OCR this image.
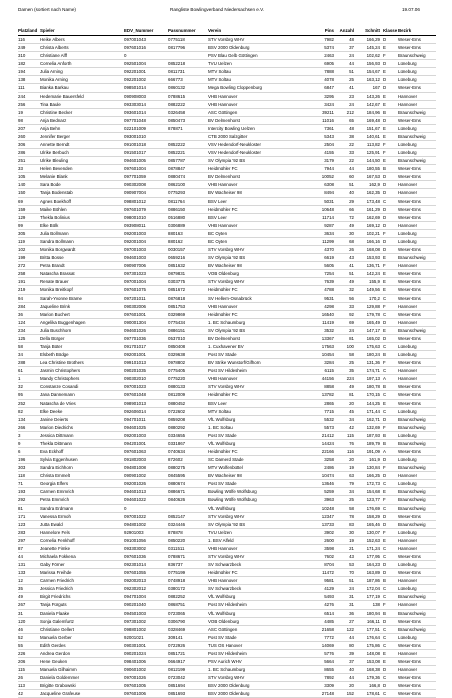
Damen (sortiert nach Name)	Rangliste Bowlingverband Niedersachsen e.V.	19.07.06
Platzland	Spieler	EDV_Nummer	Passnummer	Verein	Pins	Anzahl	Schnitt	Klasse	Bezirk
116	Heike Albers	097001043	0775118	STV Vorsbrg WHV	7982	48	166,29	D	Weser-Ems
249	Christa Alberts	097601016	0817796	BSV 2000 Oldenburg	5374	37	145,24	E	Weser-Ems
310	Christiane Alff	0		PSV Blau Gelb Göttingen	2463	24	102,62	F	Braunschweig
182	Cornelia Anforth	092501004	0852218	TVU Uelzen	6905	44	156,93	D	Lüneburg
194	Julia Arning	092201001	0811731	MTV Soltau	7888	51	154,67	E	Lüneburg
138	Monika Arning	092201002	666773	MTV Soltau	4078	25	163,12	D	Lüneburg
111	Bianka Barkau	098501014	0860132	Mega Bowling Cloppenburg	6847	41	167	D	Weser-Ems
244	Hedemarie Bauersfeld	090908003	0788615	VHB Hannover	3295	23	143,26	E	Hannover
256	Tina Baule	093303014	0882222	VHB Hannover	3424	24	142,67	E	Hannover
19	Christine Becker	093601014	0326458	ASC Göttingen	39211	212	184,96	B	Braunschweig
98	Anja Bednarz	097701048	0850473	BV Delmenhorst	11016	65	169,48	D	Weser-Ems
207	Anja Behn	022101009	878871	Intercity Bowling Uelzen	7361	48	151,67	E	Lüneburg
260	Jennifer Berger	093001010		CTB 2000 Salzgitter	5343	38	140,61	E	Braunschweig
306	Annette Berndt	091001018	0852222	VSV Hedendorf-Neukloster	2504	22	113,82	F	Lüneburg
286	Ulrike Berbuch	091501017	0852221	VSV Hedendorf-Neukloster	4155	33	125,91	F	Lüneburg
251	Ulrike Bleuling	094601005	0857787	SV Olympia '92 BS	3179	22	144,50	E	Braunschweig
33	Helen Bevenden	097601004	0878847	Heidmühler FC	7944	44	180,55	B	Weser-Ems
105	Melanie Blank	097701059	0880474	BV Delmenhorst	10052	60	167,53	D	Weser-Ems
140	Sara Bode	090302008	0862100	VHB Hannover	6308	51	162,9	D	Hannover
150	Tanja Bodenstab	090907004	0775293	BV Wacheiser 98	8494	40	162,35	D	Hannover
69	Agnes Boekhoff	098801012	0811764	BSV Leer	5031	29	173,48	C	Weser-Ems
159	Maike Böhlen	097601079	0886150	Heidmühler FC	10648	66	161,29	D	Weser-Ems
129	Thekla Bolinius	098001010	0516880	BSV Leer	11714	72	162,69	D	Weser-Ems
99	Elke Bölk	093908011	0306889	VHB Hannover	9287	49	169,12	D	Hannover
305	Julia Bollmann	092001003	880163	BC Oyten	3634	30	102,21	F	Lüneburg
119	Sandra Bollmann	092001004	880162	BC Oyten	11299	68	166,16	D	Lüneburg
102	Monika Borgwardt	097001003	0030157	STV Vorsbrg WHV	4370	26	168,08	D	Weser-Ems
199	Britta Bosse	094601003	0659216	SV Olympia '92 BS	6619	43	153,93	E	Braunschweig
272	Petra Brandt	090907006	0851632	BV Wacheiser 98	5605	41	136,71	F	Hannover
258	Natascha Brassat	097301023	0879831	VOB Oldenburg	7254	51	142,24	E	Weser-Ems
191	Renate Brauer	097001004	0303775	STV Vorsbrg WHV	7639	49	155,9	E	Weser-Ems
219	Monika Breitkopf	097601075	0851672	Heidmühler FC	4788	32	149,56	E	Weser-Ems
94	Sarah-Yvonne Brame	097201011	0876818	SV Hellern-Osnabrück	9531	56	170,2	C	Weser-Ems
284	Jaqueline Brink	090302006	0851753	VHB Hannover	4298	33	129,88	F	Hannover
36	Marion Buchert	097601001	0329869	Heidmühler FC	16540	92	179,78	C	Weser-Ems
124	Angelika Buggenhagen	090001304	0775434	1. BC Schaumburg	11419	69	165,49	D	Hannover
234	Julia Buschhorn	094601026	0886151	SV Olympia '92 BS	3532	24	147,17	E	Braunschweig
125	Della Bürger	097701036	0537010	BV Delmenhorst	13367	81	165,02	D	Weser-Ems
58	Tanja Büter	091701017	0850408	1. Cuxhavener BV	17563	100	175,63	C	Lüneburg
34	Elsbeth Bödge	092001001	0329638	Post SV Stade	10454	58	180,24	B	Lüneburg
288	Lea Christine Brothers	099101013	0978802	BV Strike Wunstorf/Gifhorn	3284	25	131,36	F	Weser-Ems
61	Jasmin Christophers	090201035	0775405	Post SV Hildesheim	6115	35	174,71	C	Hannover
1	Mandy Christophers	090302010	0775220	VHB Hannover	44156	224	197,13	A	Hannover
32	Constanze Cosandi	097001023	0880133	STV Vorsbrg WHV	8858	49	180,78	B	Weser-Ems
95	Jana Dannemann	097601048	0812009	Heidmühler FC	13782	81	170,15	C	Weser-Ems
252	Natascha de Vries	098901013	0880452	BSV Leer	2865	20	144,25	E	Weser-Ems
82	Elke Deeke	092606014	0722602	MTV Soltau	7715	45	171,44	C	Lüneburg
134	Janine Deierts	094701011	0859208	VfL Wolfsburg	5532	34	162,71	D	Braunschweig
266	Marion Diedrichs	094601025	0880292	1. BC Soltau	5573	42	132,69	F	Braunschweig
3	Jessica Dittmann	092001003	0334655	Post SV Stade	21412	115	187,93	B	Lüneburg
9	Thekla Dittmann	094201001	0331867	VfL Wolfsburg	14424	76	189,79	B	Braunschweig
6	Eva Eckhoff	097601063	0740634	Heidmühler FC	22166	116	191,09	A	Weser-Ems
196	Sylvia Eggenhusen	091802003	872602	SC Damerd Stade	3258	20	161,9	D	Lüneburg
303	Sandra Eichhorn	094801008	0880275	MTV Wolfenbüttel	2486	19	130,84	F	Braunschweig
118	Christa Emmelt	090901002	0845595	BV Wacheiser 98	10474	63	166,25	D	Hannover
71	Georgia Elfers	092001026	0880674	Post SV Stade	13646	79	172,73	C	Lüneburg
193	Carmen Emmrich	094601013	0886671	Bowling Wölfe Wolfsburg	5259	34	154,68	E	Braunschweig
292	Petra Emmrich	094601022	0840626	Bowling Wölfe Wolfsburg	3963	25	123,77	F	Braunschweig
81	Sandra Erdmann	0		VfL Wolfsburg	10248	58	176,69	C	Braunschweig
171	Vanessa Ermoh	097001022	0852147	STV Vorsbrg WHV	12347	78	158,29	D	Weser-Ems
123	Jutta Ewald	094801002	0324446	SV Olympia '92 BS	13733	83	165,46	D	Braunschweig
283	Hannelore Fels	92901003	878878	TVU Uelzen	3902	30	130,07	F	Lüneburg
297	Cornelia Fenkhoff	091001056	0850220	1. BSV Alfeld	2600	19	152,63	E	Hannover
87	Jeanette Fimke	093303002	0311511	VHB Hannover	3598	21	171,24	C	Hannover
44	Michaela Fokkena	097601036	0788671	STV Vorsbrg WHV	7602	43	177,95	C	Weser-Ems
131	Gaby Förner	092301014	836737	SV Schwarzbeck	8704	53	164,23	D	Lüneburg
133	Marissa Freihde	097601055	0775199	Heidmühler FC	11472	70	163,89	D	Weser-Ems
12	Carmen Friedrich	092002013	0748918	VHB Hannover	9581	51	187,86	B	Hannover
35	Jessica Friedrich	092302012	0380172	SV Schwarzbeck	4129	24	172,04	C	Lüneburg
49	Birgit Friedrichs	094701004	0882252	VfL Wolfsburg	5493	31	177,19	C	Braunschweig
267	Tanja Fürguts	090201040	0868751	Post SV Hildesheim	4276	31	138	F	Hannover
31	Daniela Flaake	094501003	0723065	VfL Wolfsburg	6514	36	180,94	B	Braunschweig
120	Sonja Galemfurtz	097301002	0306790	VOB Oldenburg	4485	27	166,11	D	Weser-Ems
46	Christiane Gellert	098801002	0328469	ASC Göttingen	21658	122	177,51	C	Braunschweig
52	Manuela Gerber	92001021	309141	Post SV Stade	7772	44	176,64	C	Lüneburg
55	Edith Gerdes	090301001	0722926	TUS OS Hanover	14069	80	175,86	C	Weser-Ems
226	Andrea Gerdon	090201024	0851721	Post SV Hildesheim	5776	39	148,08	E	Hannover
206	Hene Geuken	098401006	0664917	PSV Aurich WHV	5664	37	153,08	E	Weser-Ems
115	Manuela Gilhaimm	090601002	0812199	1. BC Schaumburg	8655	40	168,38	D	Hannover
26	Daniela Goldemmer	097001026	0723042	STV Vorsbrg WHV	7892	44	179,36	C	Weser-Ems
113	Brigitte Grabowski	097601005	0851694	BSV 2000 Oldenburg	3309	20	166,8	D	Weser-Ems
42	Jacqueline Grafeuse	097601006	0851693	BSV 2000 Oldenburg	27148	152	178,61	C	Weser-Ems
